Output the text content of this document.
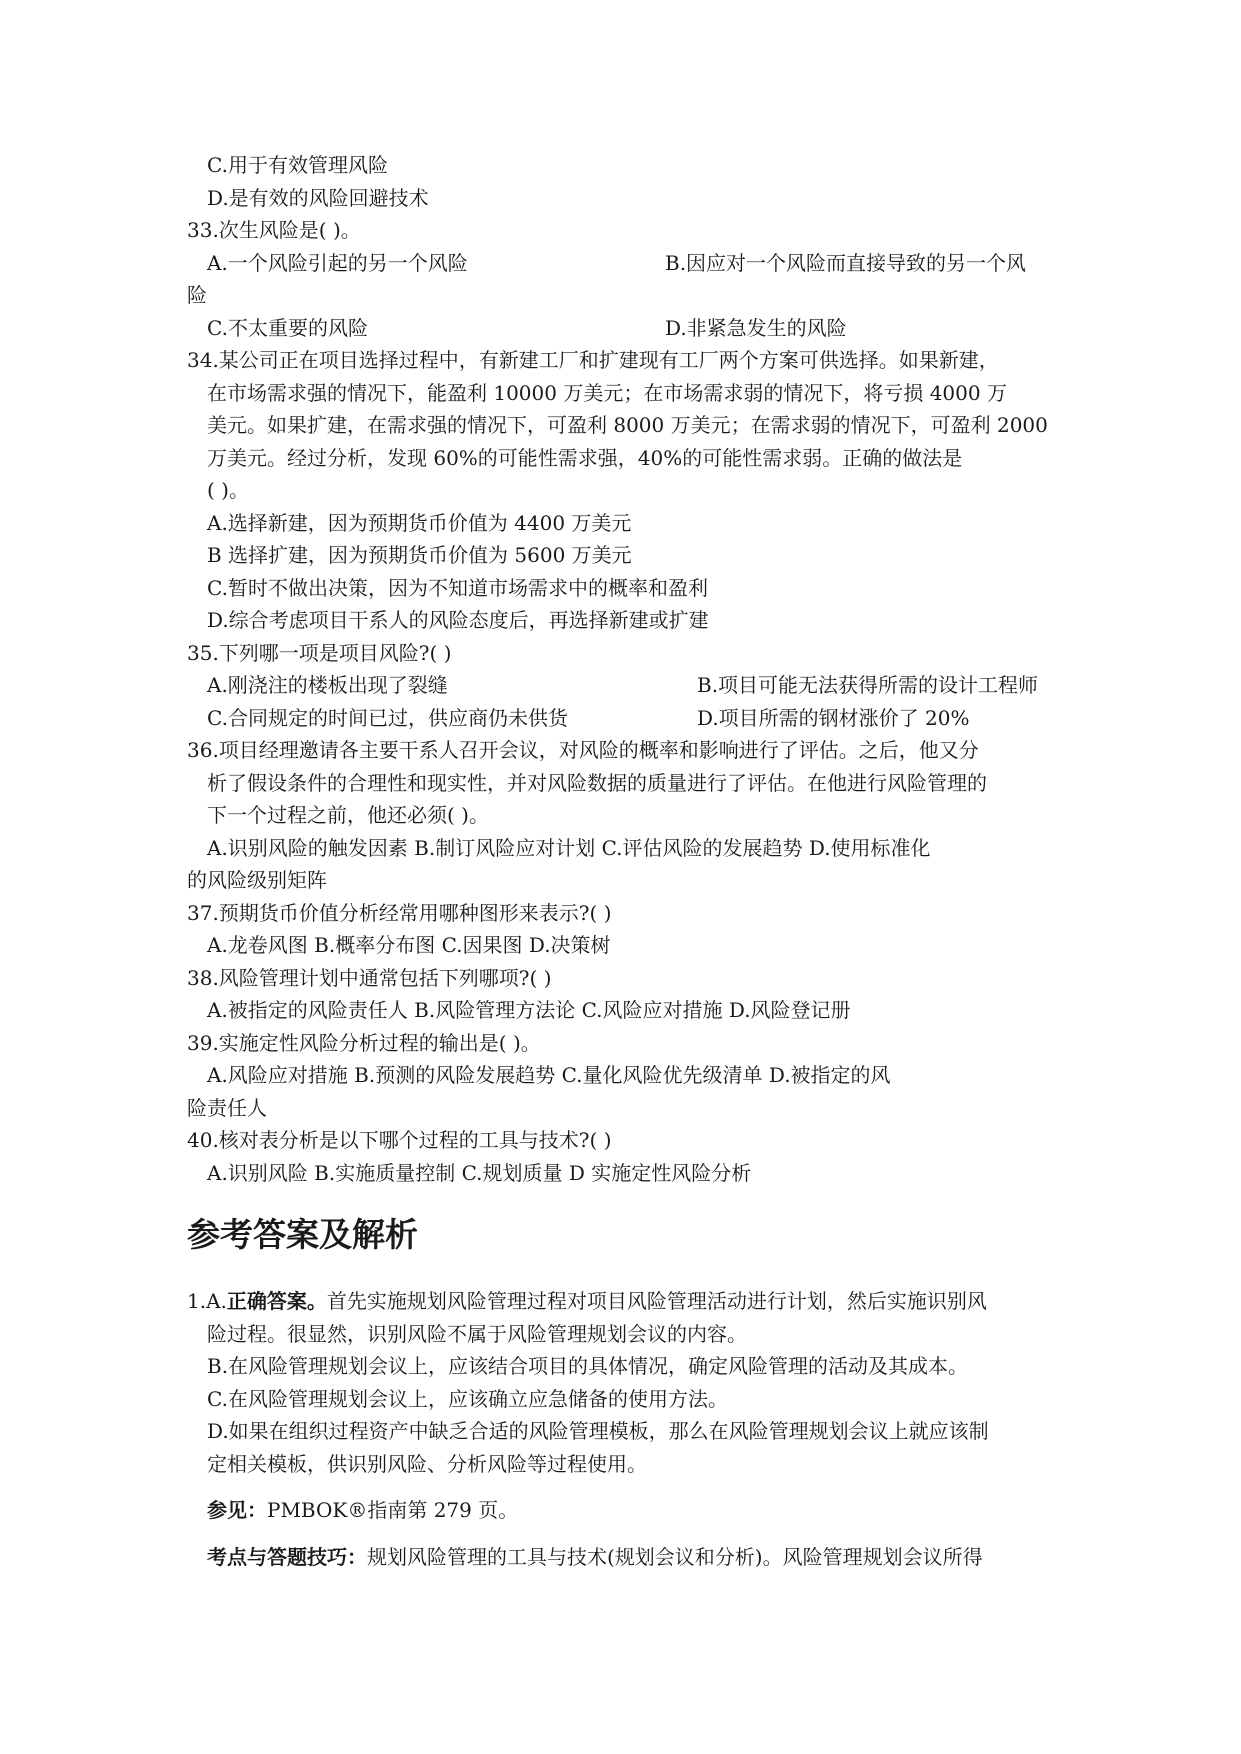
C.用于有效管理风险
D.是有效的风险回避技术
33.次生风险是( )。
A.一个风险引起的另一个风险	B.因应对一个风险而直接导致的另一个风
险
C.不太重要的风险	D.非紧急发生的风险
34.某公司正在项目选择过程中，有新建工厂和扩建现有工厂两个方案可供选择。如果新建，
在市场需求强的情况下，能盈利 10000 万美元；在市场需求弱的情况下，将亏损 4000 万
美元。如果扩建，在需求强的情况下，可盈利 8000 万美元；在需求弱的情况下，可盈利 2000
万美元。经过分析，发现 60%的可能性需求强，40%的可能性需求弱。正确的做法是
( )。
A.选择新建，因为预期货币价值为 4400 万美元
B 选择扩建，因为预期货币价值为 5600 万美元
C.暂时不做出决策，因为不知道市场需求中的概率和盈利
D.综合考虑项目干系人的风险态度后，再选择新建或扩建
35.下列哪一项是项目风险?( )
A.刚浇注的楼板出现了裂缝	B.项目可能无法获得所需的设计工程师
C.合同规定的时间已过，供应商仍未供货	D.项目所需的钢材涨价了 20%
36.项目经理邀请各主要干系人召开会议，对风险的概率和影响进行了评估。之后，他又分
析了假设条件的合理性和现实性，并对风险数据的质量进行了评估。在他进行风险管理的
下一个过程之前，他还必须( )。
A.识别风险的触发因素 B.制订风险应对计划 C.评估风险的发展趋势 D.使用标准化
的风险级别矩阵
37.预期货币价值分析经常用哪种图形来表示?( )
A.龙卷风图 B.概率分布图 C.因果图 D.决策树
38.风险管理计划中通常包括下列哪项?( )
A.被指定的风险责任人 B.风险管理方法论 C.风险应对措施 D.风险登记册
39.实施定性风险分析过程的输出是( )。
A.风险应对措施 B.预测的风险发展趋势 C.量化风险优先级清单 D.被指定的风
险责任人
40.核对表分析是以下哪个过程的工具与技术?( )
A.识别风险 B.实施质量控制 C.规划质量 D 实施定性风险分析
参考答案及解析
1.A.正确答案。首先实施规划风险管理过程对项目风险管理活动进行计划，然后实施识别风
险过程。很显然，识别风险不属于风险管理规划会议的内容。
B.在风险管理规划会议上，应该结合项目的具体情况，确定风险管理的活动及其成本。
C.在风险管理规划会议上，应该确立应急储备的使用方法。
D.如果在组织过程资产中缺乏合适的风险管理模板，那么在风险管理规划会议上就应该制
定相关模板，供识别风险、分析风险等过程使用。
参见：PMBOK®指南第 279 页。
考点与答题技巧：规划风险管理的工具与技术(规划会议和分析)。风险管理规划会议所得
